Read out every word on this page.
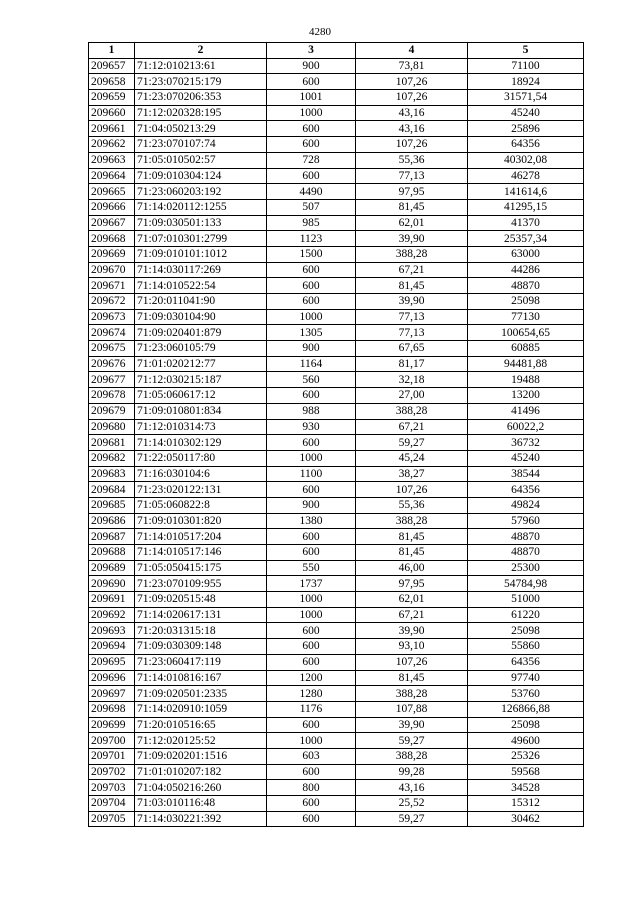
4280
1	2	3	4	5
209657	71:12:010213:61	900	73,81	71100
209658	71:23:070215:179	600	107,26	18924
209659	71:23:070206:353	1001	107,26	31571,54
209660	71:12:020328:195	1000	43,16	45240
209661	71:04:050213:29	600	43,16	25896
209662	71:23:070107:74	600	107,26	64356
209663	71:05:010502:57	728	55,36	40302,08
209664	71:09:010304:124	600	77,13	46278
209665	71:23:060203:192	4490	97,95	141614,6
209666	71:14:020112:1255	507	81,45	41295,15
209667	71:09:030501:133	985	62,01	41370
209668	71:07:010301:2799	1123	39,90	25357,34
209669	71:09:010101:1012	1500	388,28	63000
209670	71:14:030117:269	600	67,21	44286
209671	71:14:010522:54	600	81,45	48870
209672	71:20:011041:90	600	39,90	25098
209673	71:09:030104:90	1000	77,13	77130
209674	71:09:020401:879	1305	77,13	100654,65
209675	71:23:060105:79	900	67,65	60885
209676	71:01:020212:77	1164	81,17	94481,88
209677	71:12:030215:187	560	32,18	19488
209678	71:05:060617:12	600	27,00	13200
209679	71:09:010801:834	988	388,28	41496
209680	71:12:010314:73	930	67,21	60022,2
209681	71:14:010302:129	600	59,27	36732
209682	71:22:050117:80	1000	45,24	45240
209683	71:16:030104:6	1100	38,27	38544
209684	71:23:020122:131	600	107,26	64356
209685	71:05:060822:8	900	55,36	49824
209686	71:09:010301:820	1380	388,28	57960
209687	71:14:010517:204	600	81,45	48870
209688	71:14:010517:146	600	81,45	48870
209689	71:05:050415:175	550	46,00	25300
209690	71:23:070109:955	1737	97,95	54784,98
209691	71:09:020515:48	1000	62,01	51000
209692	71:14:020617:131	1000	67,21	61220
209693	71:20:031315:18	600	39,90	25098
209694	71:09:030309:148	600	93,10	55860
209695	71:23:060417:119	600	107,26	64356
209696	71:14:010816:167	1200	81,45	97740
209697	71:09:020501:2335	1280	388,28	53760
209698	71:14:020910:1059	1176	107,88	126866,88
209699	71:20:010516:65	600	39,90	25098
209700	71:12:020125:52	1000	59,27	49600
209701	71:09:020201:1516	603	388,28	25326
209702	71:01:010207:182	600	99,28	59568
209703	71:04:050216:260	800	43,16	34528
209704	71:03:010116:48	600	25,52	15312
209705	71:14:030221:392	600	59,27	30462
